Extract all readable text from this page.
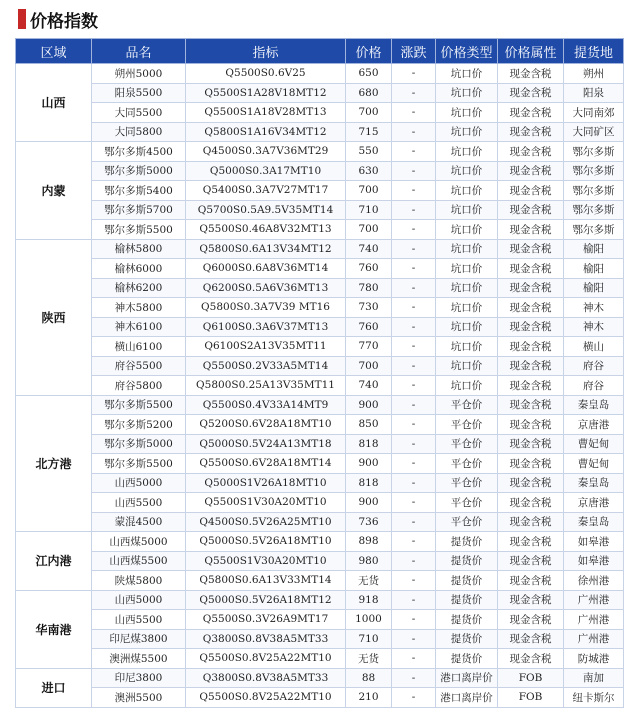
价格指数
区域	品名	指标	价格	涨跌	价格类型	价格属性	提货地
山西	朔州5000	Q5500S0.6V25	650	-	坑口价	现金含税	朔州
	阳泉5500	Q5500S1A28V18MT12	680	-	坑口价	现金含税	阳泉
	大同5500	Q5500S1A18V28MT13	700	-	坑口价	现金含税	大同南郊
	大同5800	Q5800S1A16V34MT12	715	-	坑口价	现金含税	大同矿区
内蒙	鄂尔多斯4500	Q4500S0.3A7V36MT29	550	-	坑口价	现金含税	鄂尔多斯
	鄂尔多斯5000	Q5000S0.3A17MT10	630	-	坑口价	现金含税	鄂尔多斯
	鄂尔多斯5400	Q5400S0.3A7V27MT17	700	-	坑口价	现金含税	鄂尔多斯
	鄂尔多斯5700	Q5700S0.5A9.5V35MT14	710	-	坑口价	现金含税	鄂尔多斯
	鄂尔多斯5500	Q5500S0.46A8V32MT13	700	-	坑口价	现金含税	鄂尔多斯
陕西	榆林5800	Q5800S0.6A13V34MT12	740	-	坑口价	现金含税	榆阳
	榆林6000	Q6000S0.6A8V36MT14	760	-	坑口价	现金含税	榆阳
	榆林6200	Q6200S0.5A6V36MT13	780	-	坑口价	现金含税	榆阳
	神木5800	Q5800S0.3A7V39 MT16	730	-	坑口价	现金含税	神木
	神木6100	Q6100S0.3A6V37MT13	760	-	坑口价	现金含税	神木
	横山6100	Q6100S2A13V35MT11	770	-	坑口价	现金含税	横山
	府谷5500	Q5500S0.2V33A5MT14	700	-	坑口价	现金含税	府谷
	府谷5800	Q5800S0.25A13V35MT11	740	-	坑口价	现金含税	府谷
北方港	鄂尔多斯5500	Q5500S0.4V33A14MT9	900	-	平仓价	现金含税	秦皇岛
	鄂尔多斯5200	Q5200S0.6V28A18MT10	850	-	平仓价	现金含税	京唐港
	鄂尔多斯5000	Q5000S0.5V24A13MT18	818	-	平仓价	现金含税	曹妃甸
	鄂尔多斯5500	Q5500S0.6V28A18MT14	900	-	平仓价	现金含税	曹妃甸
	山西5000	Q5000S1V26A18MT10	818	-	平仓价	现金含税	秦皇岛
	山西5500	Q5500S1V30A20MT10	900	-	平仓价	现金含税	京唐港
	蒙混4500	Q4500S0.5V26A25MT10	736	-	平仓价	现金含税	秦皇岛
江内港	山西煤5000	Q5000S0.5V26A18MT10	898	-	提货价	现金含税	如皋港
	山西煤5500	Q5500S1V30A20MT10	980	-	提货价	现金含税	如皋港
	陕煤5800	Q5800S0.6A13V33MT14	无货	-	提货价	现金含税	徐州港
华南港	山西5000	Q5000S0.5V26A18MT12	918	-	提货价	现金含税	广州港
	山西5500	Q5500S0.3V26A9MT17	1000	-	提货价	现金含税	广州港
	印尼煤3800	Q3800S0.8V38A5MT33	710	-	提货价	现金含税	广州港
	澳洲煤5500	Q5500S0.8V25A22MT10	无货	-	提货价	现金含税	防城港
进口	印尼3800	Q3800S0.8V38A5MT33	88	-	港口离岸价	FOB	南加
	澳洲5500	Q5500S0.8V25A22MT10	210	-	港口离岸价	FOB	纽卡斯尔
